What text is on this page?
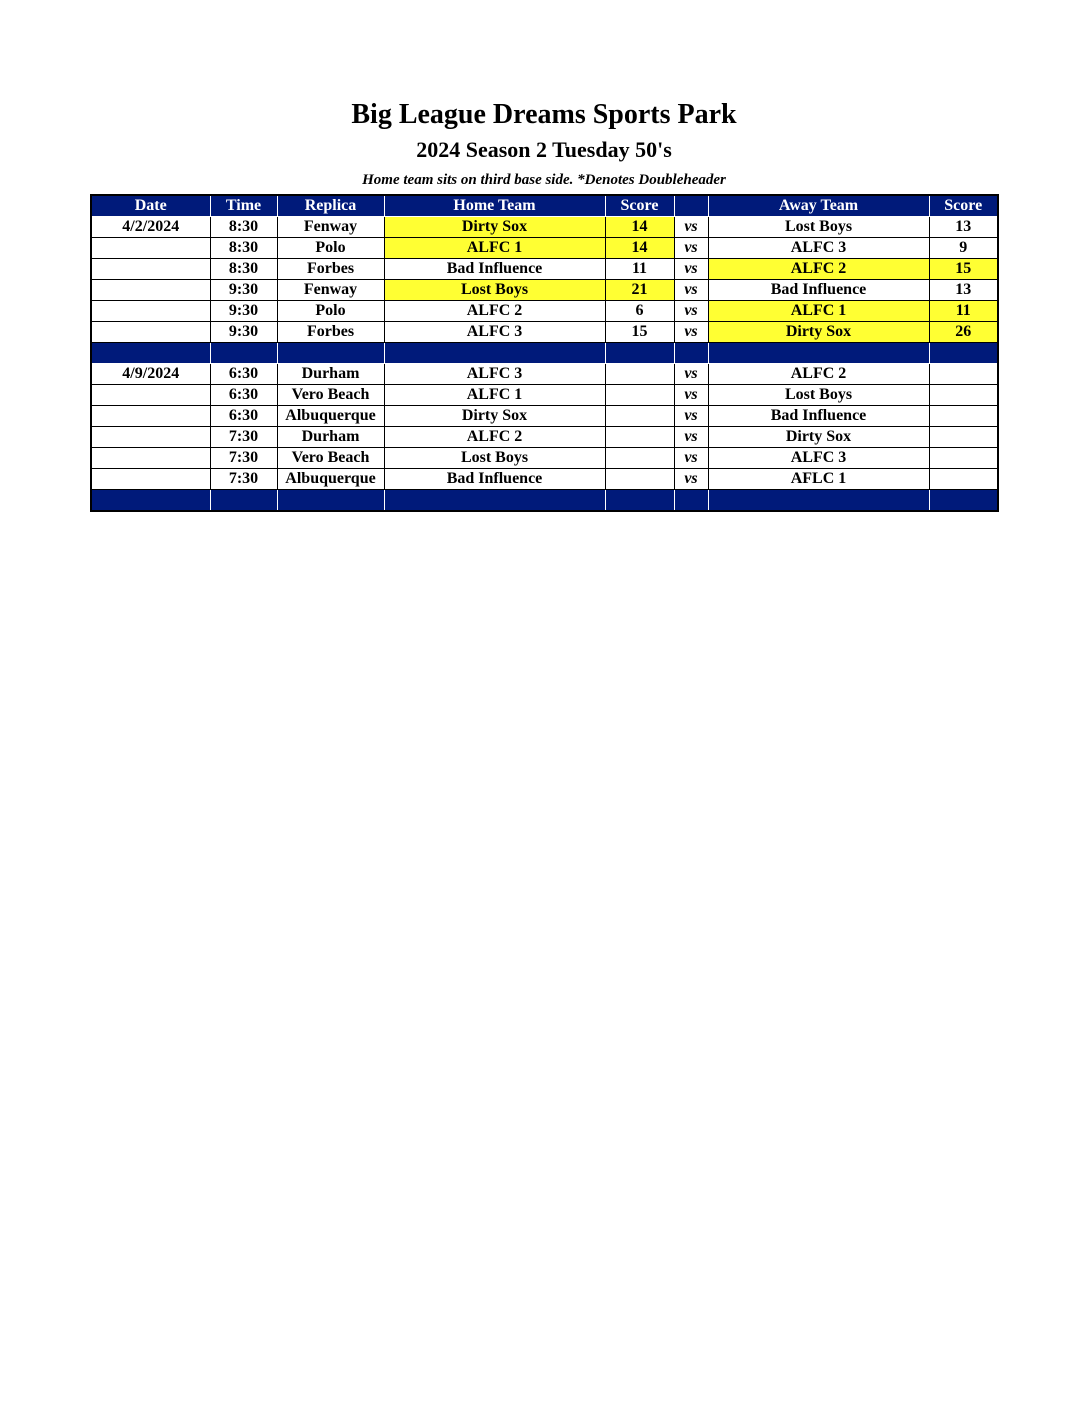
Big League Dreams Sports Park
2024 Season 2 Tuesday 50's
Home team sits on third base side. *Denotes Doubleheader
Date	Time	Replica	Home Team	Score		Away Team	Score
4/2/2024	8:30	Fenway	Dirty Sox	14	vs	Lost Boys	13
	8:30	Polo	ALFC 1	14	vs	ALFC 3	9
	8:30	Forbes	Bad Influence	11	vs	ALFC 2	15
	9:30	Fenway	Lost Boys	21	vs	Bad Influence	13
	9:30	Polo	ALFC 2	6	vs	ALFC 1	11
	9:30	Forbes	ALFC 3	15	vs	Dirty Sox	26

4/9/2024	6:30	Durham	ALFC 3		vs	ALFC 2	
	6:30	Vero Beach	ALFC 1		vs	Lost Boys	
	6:30	Albuquerque	Dirty Sox		vs	Bad Influence	
	7:30	Durham	ALFC 2		vs	Dirty Sox	
	7:30	Vero Beach	Lost Boys		vs	ALFC 3	
	7:30	Albuquerque	Bad Influence		vs	AFLC 1	
